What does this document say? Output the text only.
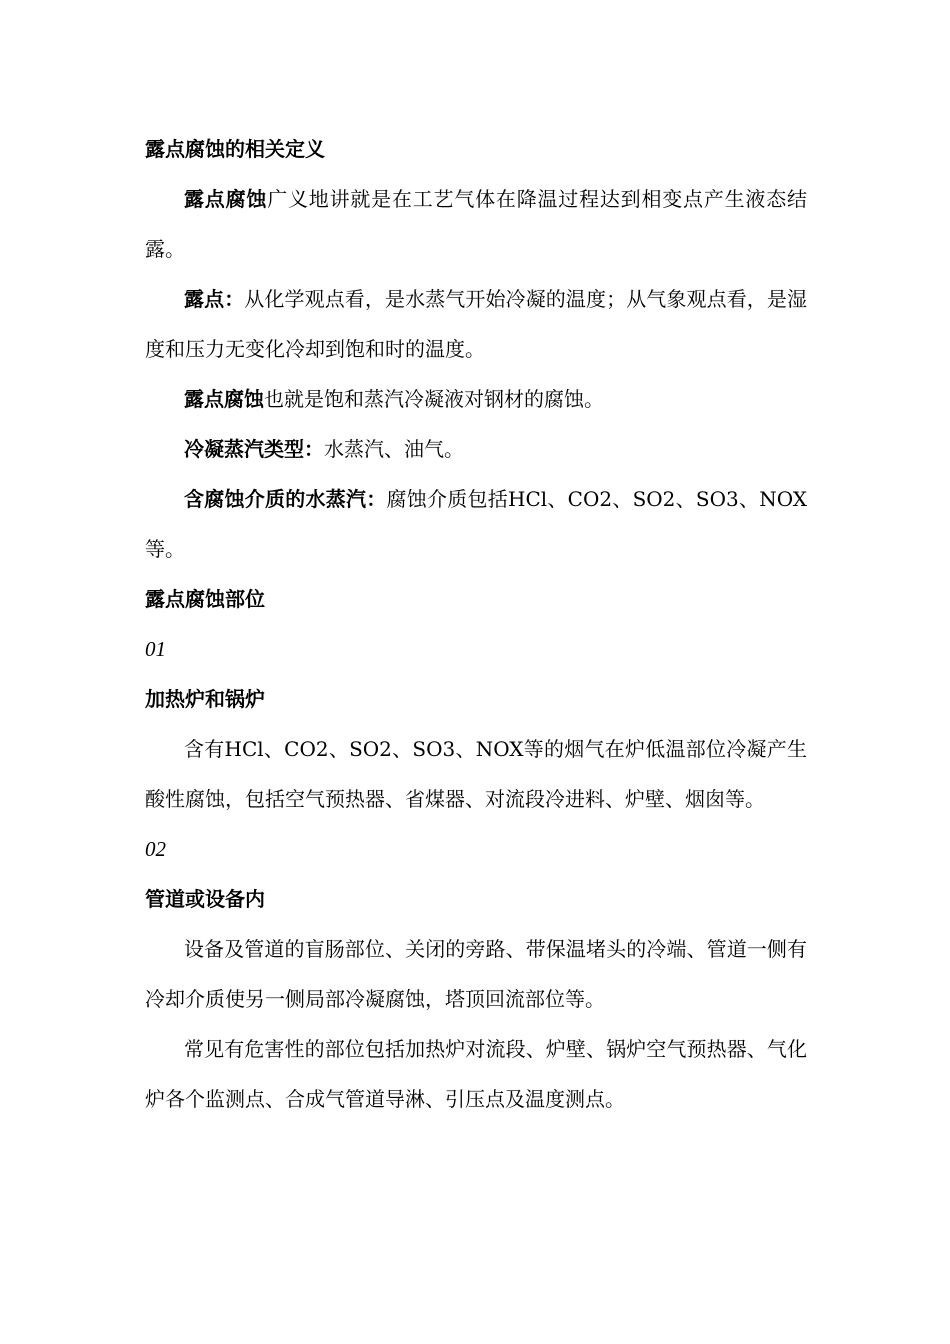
露点腐蚀的相关定义

露点腐蚀广义地讲就是在工艺气体在降温过程达到相变点产生液态结露。

露点：从化学观点看，是水蒸气开始冷凝的温度；从气象观点看，是湿度和压力无变化冷却到饱和时的温度。

露点腐蚀也就是饱和蒸汽冷凝液对钢材的腐蚀。

冷凝蒸汽类型：水蒸汽、油气。

含腐蚀介质的水蒸汽：腐蚀介质包括HCl、CO2、SO2、SO3、NOX等。

露点腐蚀部位

01

加热炉和锅炉

含有HCl、CO2、SO2、SO3、NOX等的烟气在炉低温部位冷凝产生酸性腐蚀，包括空气预热器、省煤器、对流段冷进料、炉壁、烟囱等。

02

管道或设备内

设备及管道的盲肠部位、关闭的旁路、带保温堵头的冷端、管道一侧有冷却介质使另一侧局部冷凝腐蚀，塔顶回流部位等。

常见有危害性的部位包括加热炉对流段、炉壁、锅炉空气预热器、气化炉各个监测点、合成气管道导淋、引压点及温度测点。
